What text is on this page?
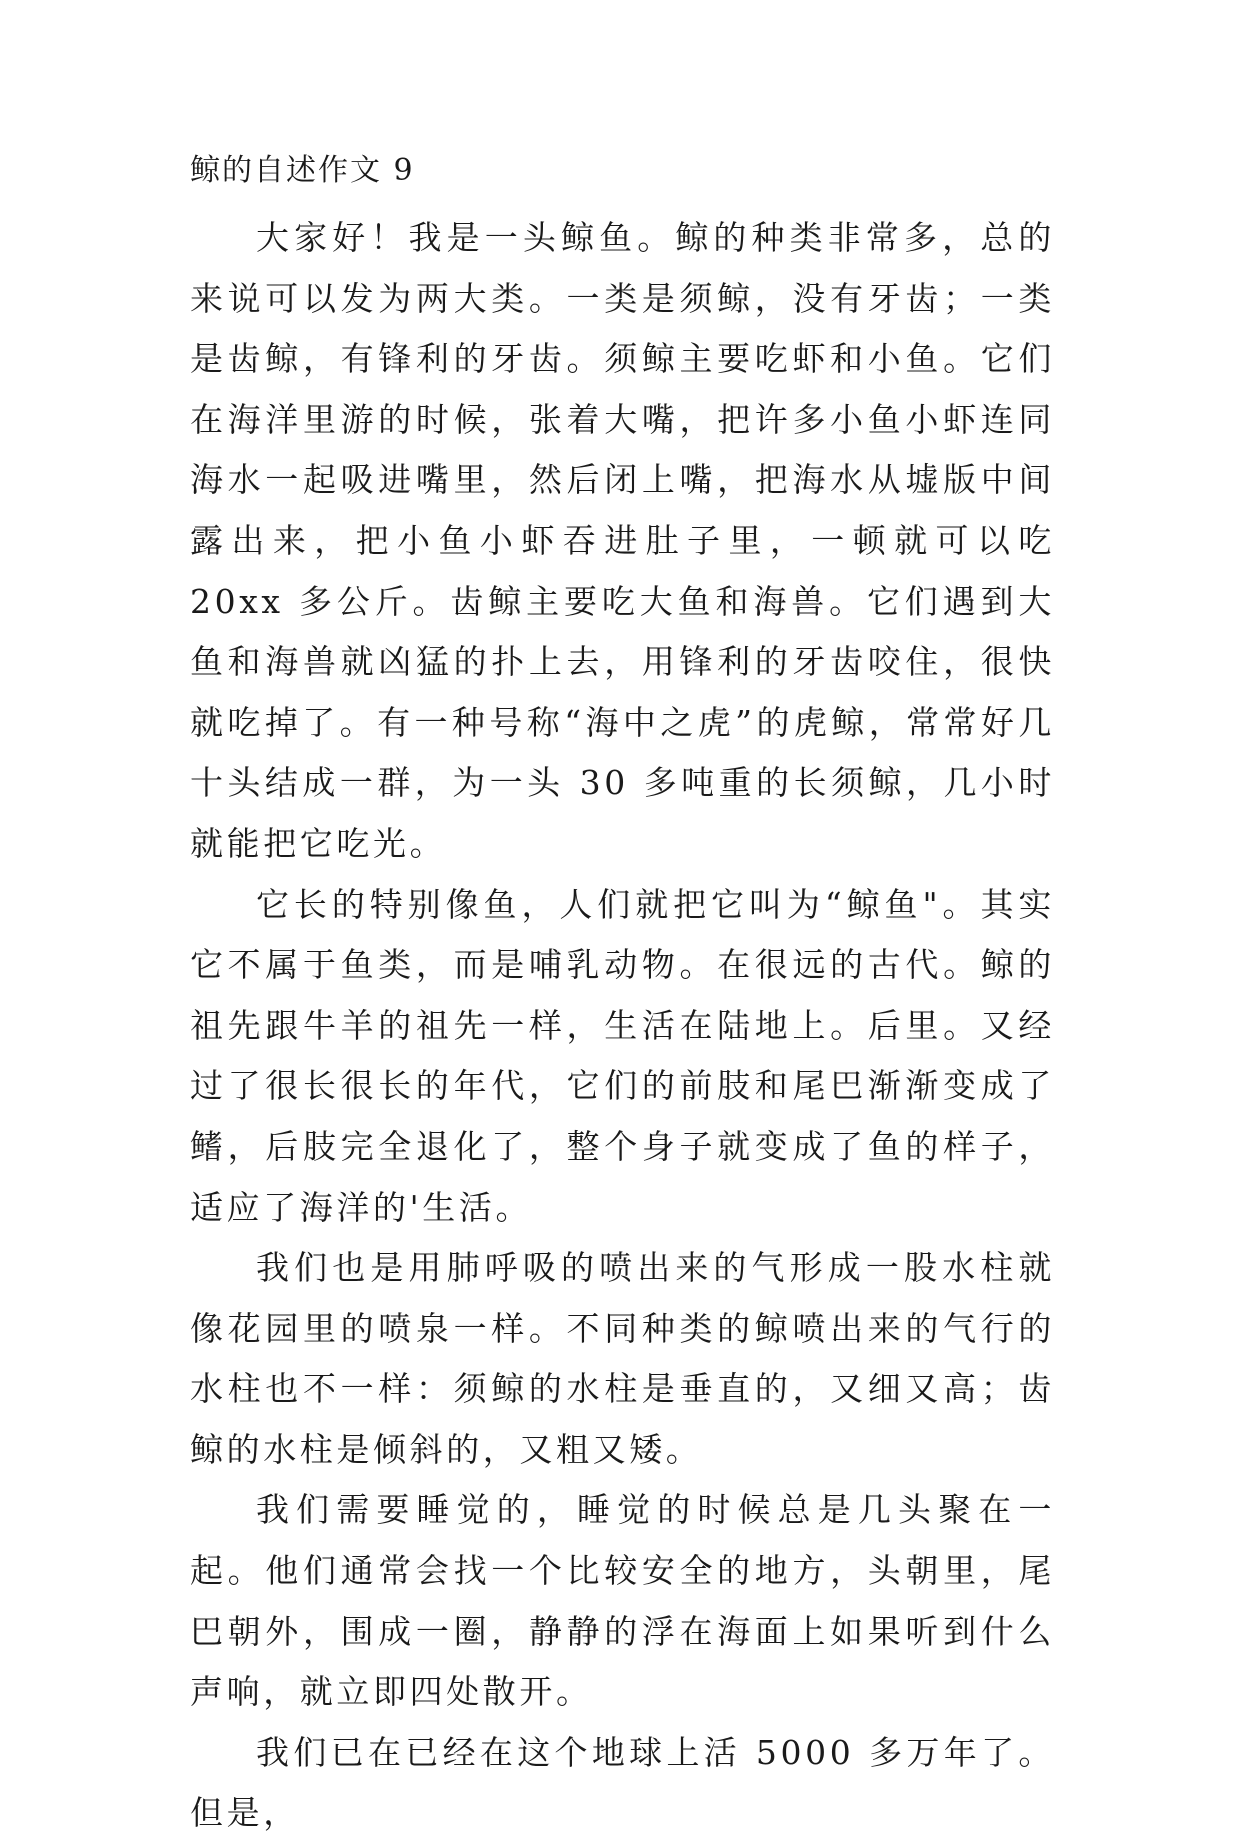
鲸的自述作文 9

大家好！我是一头鲸鱼。鲸的种类非常多，总的来说可以发为两大类。一类是须鲸，没有牙齿；一类是齿鲸，有锋利的牙齿。须鲸主要吃虾和小鱼。它们在海洋里游的时候，张着大嘴，把许多小鱼小虾连同海水一起吸进嘴里，然后闭上嘴，把海水从墟版中间露出来，把小鱼小虾吞进肚子里，一顿就可以吃 20xx 多公斤。齿鲸主要吃大鱼和海兽。它们遇到大鱼和海兽就凶猛的扑上去，用锋利的牙齿咬住，很快就吃掉了。有一种号称“海中之虎”的虎鲸，常常好几十头结成一群，为一头 30 多吨重的长须鲸，几小时就能把它吃光。

它长的特别像鱼，人们就把它叫为“鲸鱼"。其实它不属于鱼类，而是哺乳动物。在很远的古代。鲸的祖先跟牛羊的祖先一样，生活在陆地上。后里。又经过了很长很长的年代，它们的前肢和尾巴渐渐变成了鳍，后肢完全退化了，整个身子就变成了鱼的样子，适应了海洋的'生活。

我们也是用肺呼吸的喷出来的气形成一股水柱就像花园里的喷泉一样。不同种类的鲸喷出来的气行的水柱也不一样：须鲸的水柱是垂直的，又细又高；齿鲸的水柱是倾斜的，又粗又矮。

我们需要睡觉的，睡觉的时候总是几头聚在一起。他们通常会找一个比较安全的地方，头朝里，尾巴朝外，围成一圈，静静的浮在海面上如果听到什么声响，就立即四处散开。

我们已在已经在这个地球上活 5000 多万年了。但是，
